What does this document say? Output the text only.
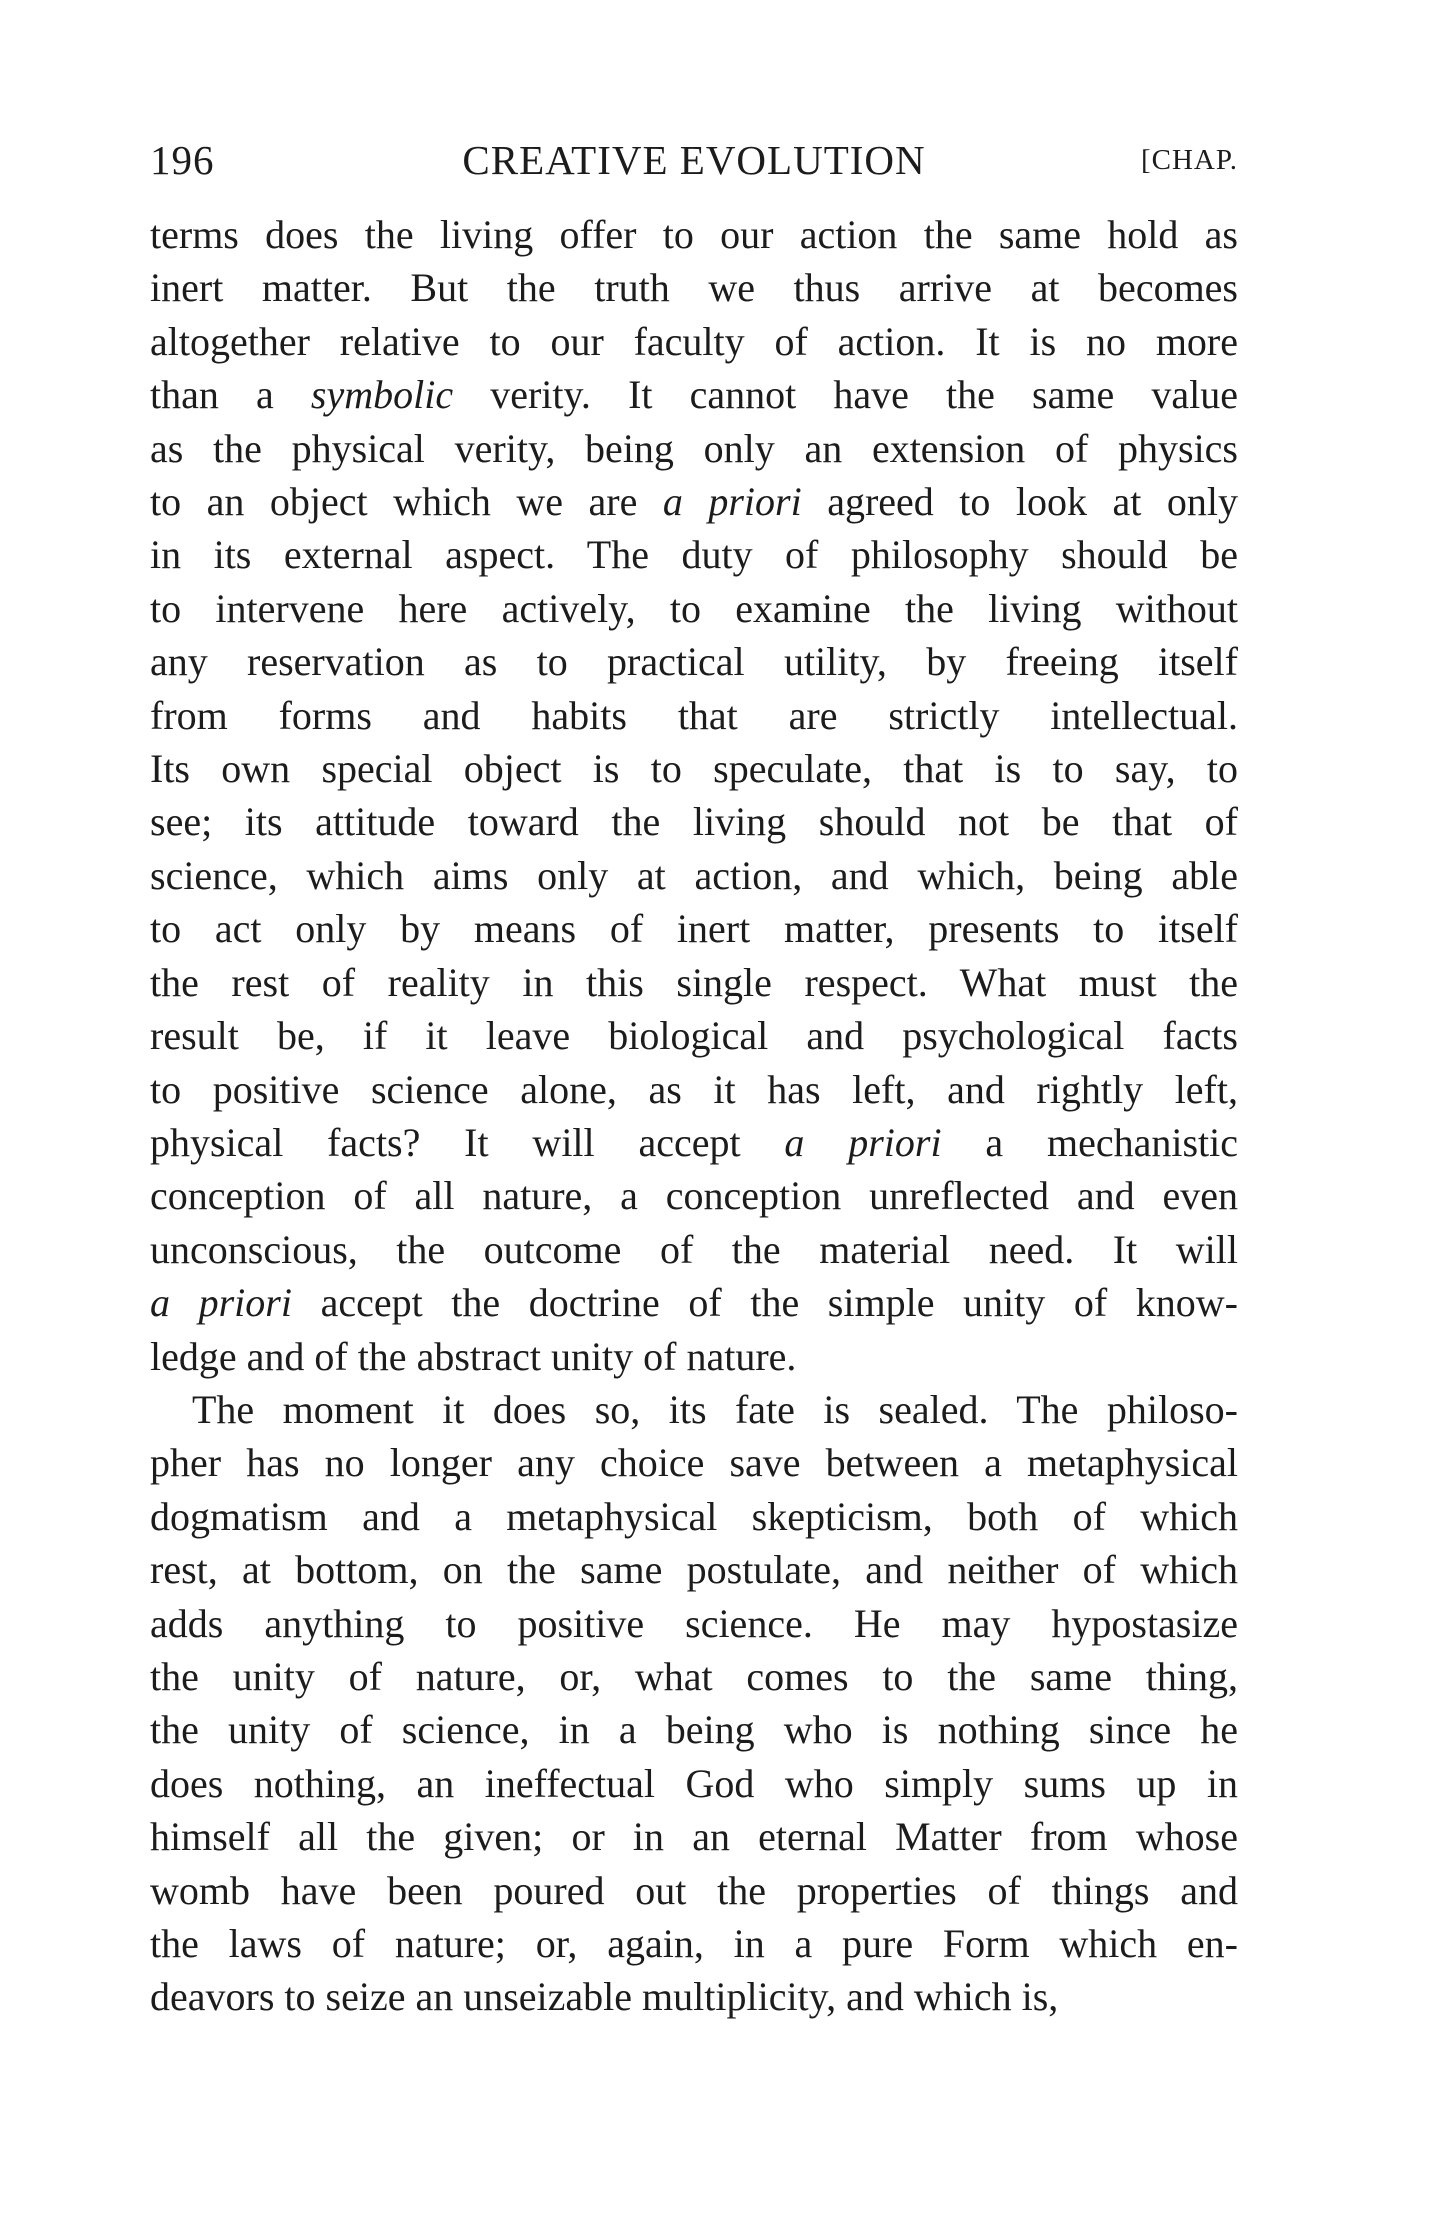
196	CREATIVE EVOLUTION	[CHAP.
terms does the living offer to our action the same hold as
inert matter. But the truth we thus arrive at becomes
altogether relative to our faculty of action. It is no more
than a symbolic verity. It cannot have the same value
as the physical verity, being only an extension of physics
to an object which we are a priori agreed to look at only
in its external aspect. The duty of philosophy should be
to intervene here actively, to examine the living without
any reservation as to practical utility, by freeing itself
from forms and habits that are strictly intellectual.
Its own special object is to speculate, that is to say, to
see; its attitude toward the living should not be that of
science, which aims only at action, and which, being able
to act only by means of inert matter, presents to itself
the rest of reality in this single respect. What must the
result be, if it leave biological and psychological facts
to positive science alone, as it has left, and rightly left,
physical facts? It will accept a priori a mechanistic
conception of all nature, a conception unreflected and even
unconscious, the outcome of the material need. It will
a priori accept the doctrine of the simple unity of know-
ledge and of the abstract unity of nature.
The moment it does so, its fate is sealed. The philoso-
pher has no longer any choice save between a metaphysical
dogmatism and a metaphysical skepticism, both of which
rest, at bottom, on the same postulate, and neither of which
adds anything to positive science. He may hypostasize
the unity of nature, or, what comes to the same thing,
the unity of science, in a being who is nothing since he
does nothing, an ineffectual God who simply sums up in
himself all the given; or in an eternal Matter from whose
womb have been poured out the properties of things and
the laws of nature; or, again, in a pure Form which en-
deavors to seize an unseizable multiplicity, and which is,
